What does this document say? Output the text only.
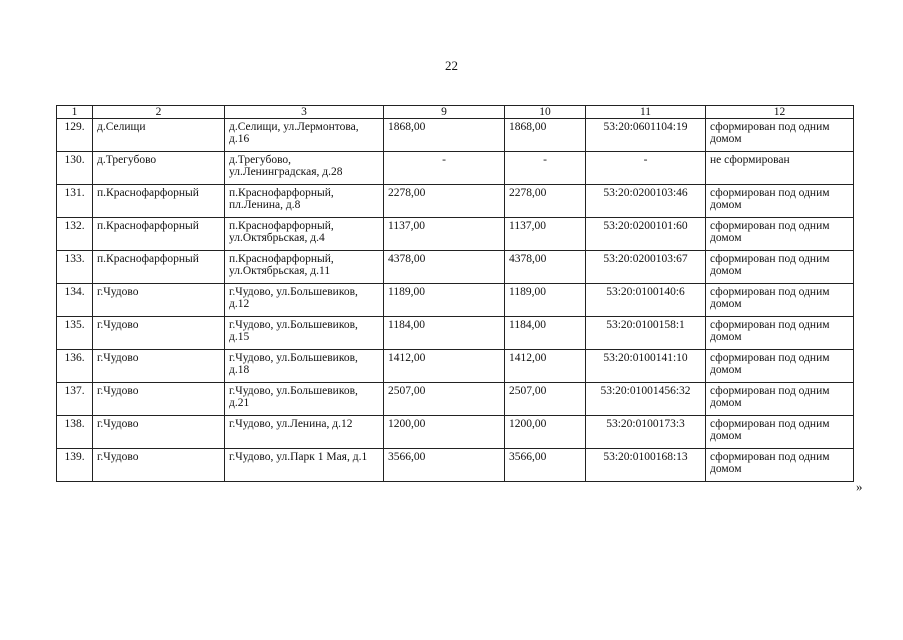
22
1	2	3	9	10	11	12
129.	д.Селищи	д.Селищи, ул.Лермонтова, д.16	1868,00	1868,00	53:20:0601104:19	сформирован под одним домом
130.	д.Трегубово	д.Трегубово, ул.Ленинградская, д.28	-	-	-	не сформирован
131.	п.Краснофарфорный	п.Краснофарфорный, пл.Ленина, д.8	2278,00	2278,00	53:20:0200103:46	сформирован под одним домом
132.	п.Краснофарфорный	п.Краснофарфорный, ул.Октябрьская, д.4	1137,00	1137,00	53:20:0200101:60	сформирован под одним домом
133.	п.Краснофарфорный	п.Краснофарфорный, ул.Октябрьская, д.11	4378,00	4378,00	53:20:0200103:67	сформирован под одним домом
134.	г.Чудово	г.Чудово, ул.Большевиков, д.12	1189,00	1189,00	53:20:0100140:6	сформирован под одним домом
135.	г.Чудово	г.Чудово, ул.Большевиков, д.15	1184,00	1184,00	53:20:0100158:1	сформирован под одним домом
136.	г.Чудово	г.Чудово, ул.Большевиков, д.18	1412,00	1412,00	53:20:0100141:10	сформирован под одним домом
137.	г.Чудово	г.Чудово, ул.Большевиков, д.21	2507,00	2507,00	53:20:01001456:32	сформирован под одним домом
138.	г.Чудово	г.Чудово, ул.Ленина, д.12	1200,00	1200,00	53:20:0100173:3	сформирован под одним домом
139.	г.Чудово	г.Чудово, ул.Парк 1 Мая, д.1	3566,00	3566,00	53:20:0100168:13	сформирован под одним домом
»
